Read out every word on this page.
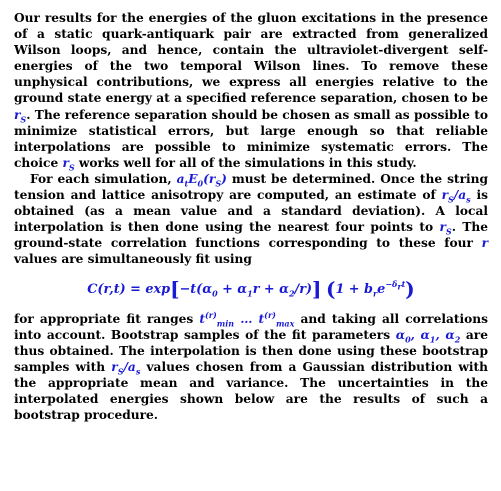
Our results for the energies of the gluon excitations in the presence of a static quark-antiquark pair are extracted from generalized Wilson loops, and hence, contain the ultraviolet-divergent self-energies of the two temporal Wilson lines. To remove these unphysical contributions, we express all energies relative to the ground state energy at a specified reference separation, chosen to be $r_S$. The reference separation should be chosen as small as possible to minimize statistical errors, but large enough so that reliable interpolations are possible to minimize systematic errors. The choice $r_S$ works well for all of the simulations in this study.

For each simulation, $a_tE_0(r_S)$ must be determined. Once the string tension and lattice anisotropy are computed, an estimate of $r_S/a_s$ is obtained (as a mean value and a standard deviation). A local interpolation is then done using the nearest four points to $r_S$. The ground-state correlation functions corresponding to these four r values are simultaneously fit using

$C(r,t) = \exp[-t(\alpha_0 + \alpha_1r + \alpha_2/r)] (1 + b_re^{-\delta_rt})$

for appropriate fit ranges $t^{(r)}_{min}$ … $t^{(r)}_{max}$ and taking all correlations into account. Bootstrap samples of the fit parameters $\alpha_0$, $\alpha_1$, $\alpha_2$ are thus obtained. The interpolation is then done using these bootstrap samples with $r_S/a_s$ values chosen from a Gaussian distribution with the appropriate mean and variance. The uncertainties in the interpolated energies shown below are the results of such a bootstrap procedure.
